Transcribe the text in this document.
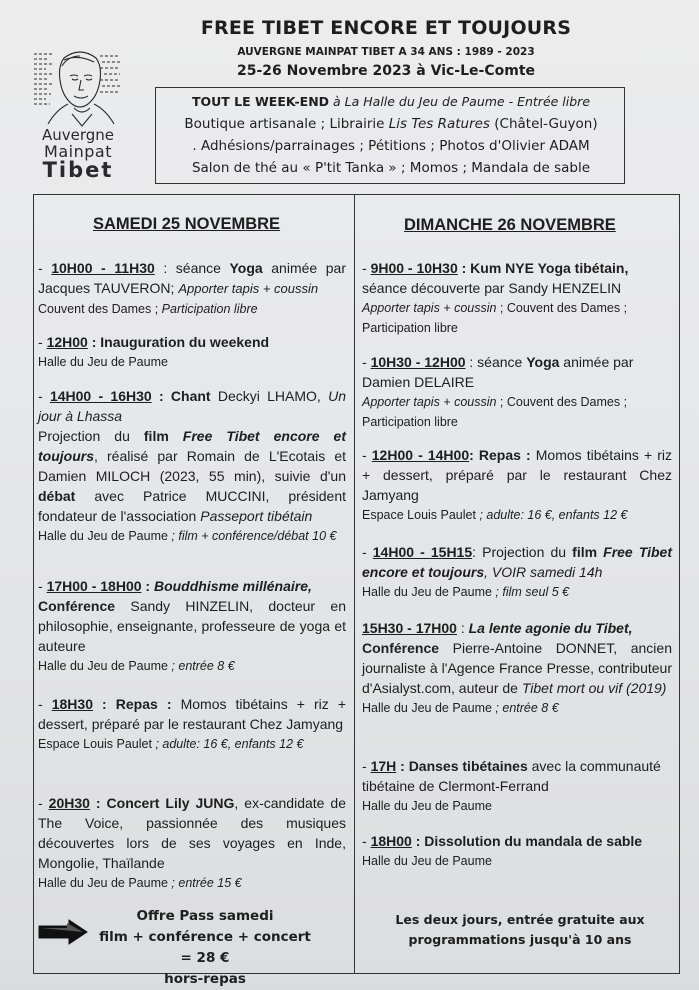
Auvergne
Mainpat
Tibet
FREE TIBET ENCORE ET TOUJOURS
AUVERGNE MAINPAT TIBET A 34 ANS : 1989 - 2023
25-26 Novembre 2023 à Vic-Le-Comte
TOUT LE WEEK-END à La Halle du Jeu de Paume - Entrée libre
Boutique artisanale ; Librairie Lis Tes Ratures (Châtel-Guyon)
. Adhésions/parrainages ; Pétitions ; Photos d'Olivier ADAM
Salon de thé au « P'tit Tanka » ; Momos ; Mandala de sable
SAMEDI 25 NOVEMBRE
- 10H00 - 11H30 : séance Yoga animée par Jacques TAUVERON; Apporter tapis + coussin
Couvent des Dames ; Participation libre
- 12H00 : Inauguration du weekend
Halle du Jeu de Paume
- 14H00 - 16H30 : Chant Deckyi LHAMO, Un jour à Lhassa
Projection du film Free Tibet encore et toujours, réalisé par Romain de L'Ecotais et Damien MILOCH (2023, 55 min), suivie d'un débat avec Patrice MUCCINI, président fondateur de l'association Passeport tibétain
Halle du Jeu de Paume ; film + conférence/débat 10 €
- 17H00 - 18H00 : Bouddhisme millénaire,
Conférence Sandy HINZELIN, docteur en philosophie, enseignante, professeure de yoga et auteure
Halle du Jeu de Paume ; entrée 8 €
- 18H30 : Repas : Momos tibétains + riz + dessert, préparé par le restaurant Chez Jamyang
Espace Louis Paulet ; adulte: 16 €, enfants 12 €
- 20H30 : Concert Lily JUNG, ex-candidate de The Voice, passionnée des musiques découvertes lors de ses voyages en Inde, Mongolie, Thaïlande
Halle du Jeu de Paume ; entrée 15 €
Offre Pass samedi
film + conférence + concert = 28 €
hors-repas
DIMANCHE 26 NOVEMBRE
- 9H00 - 10H30 : Kum NYE Yoga tibétain, séance découverte par Sandy HENZELIN
Apporter tapis + coussin ; Couvent des Dames ; Participation libre
- 10H30 - 12H00 : séance Yoga animée par Damien DELAIRE
Apporter tapis + coussin ; Couvent des Dames ; Participation libre
- 12H00 - 14H00: Repas : Momos tibétains + riz + dessert, préparé par le restaurant Chez Jamyang
Espace Louis Paulet ; adulte: 16 €, enfants 12 €
- 14H00 - 15H15: Projection du film Free Tibet encore et toujours, VOIR samedi 14h
Halle du Jeu de Paume ; film seul 5 €
15H30 - 17H00 : La lente agonie du Tibet,
Conférence Pierre-Antoine DONNET, ancien journaliste à l'Agence France Presse, contributeur d'Asialyst.com, auteur de Tibet mort ou vif (2019)
Halle du Jeu de Paume ; entrée 8 €
- 17H : Danses tibétaines avec la communauté tibétaine de Clermont-Ferrand
Halle du Jeu de Paume
- 18H00 : Dissolution du mandala de sable
Halle du Jeu de Paume
Les deux jours, entrée gratuite aux
programmations jusqu'à 10 ans
